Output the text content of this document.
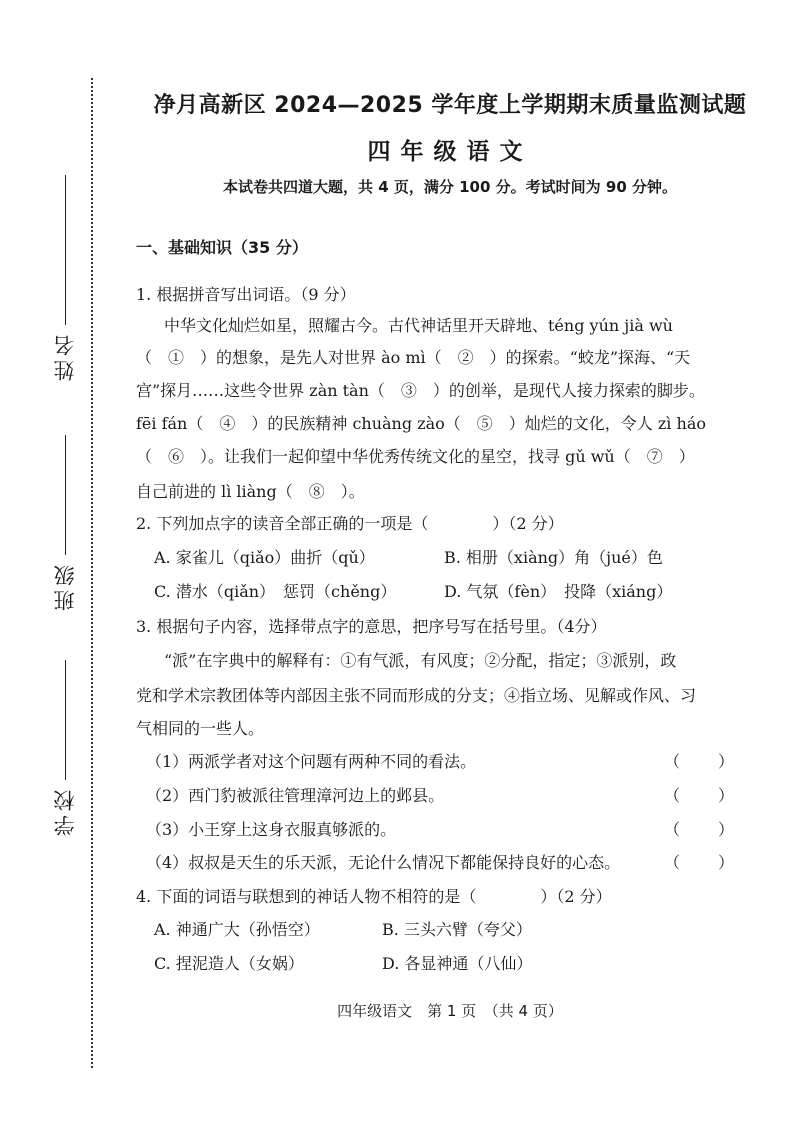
姓名
班级
学校
净月高新区 2024—2025 学年度上学期期末质量监测试题
四年级语文
本试卷共四道大题，共 4 页，满分 100 分。考试时间为 90 分钟。
一、基础知识（35 分）
1. 根据拼音写出词语。（9 分）
中华文化灿烂如星，照耀古今。古代神话里开天辟地、téng yún jià wù
（　①　）的想象，是先人对世界 ào mì（　②　）的探索。“蛟龙”探海、“天
宫”探月……这些令世界 zàn tàn（　③　）的创举，是现代人接力探索的脚步。
fēi fán（　④　）的民族精神 chuàng zào（　⑤　）灿烂的文化，令人 zì háo
（　⑥　）。让我们一起仰望中华优秀传统文化的星空，找寻 gǔ wǔ（　⑦　）
自己前进的 lì liàng（　⑧　）。
2. 下列加点字的读音全部正确的一项是（　　　　）（2 分）
A. 家雀儿（qiǎo）曲折（qǔ）	B. 相册（xiàng）角（jué）色
C. 潜水（qiǎn）　惩罚（chěng）	D. 气氛（fèn）　投降（xiáng）
3. 根据句子内容，选择带点字的意思，把序号写在括号里。（4分）
“派”在字典中的解释有：①有气派，有风度；②分配，指定；③派别，政
党和学术宗教团体等内部因主张不同而形成的分支；④指立场、见解或作风、习
气相同的一些人。
（1）两派学者对这个问题有两种不同的看法。	（　　）
（2）西门豹被派往管理漳河边上的邺县。	（　　）
（3）小王穿上这身衣服真够派的。	（　　）
（4）叔叔是天生的乐天派，无论什么情况下都能保持良好的心态。	（　　）
4. 下面的词语与联想到的神话人物不相符的是（　　　　）（2 分）
A. 神通广大（孙悟空）	B. 三头六臂（夸父）
C. 捏泥造人（女娲）	D. 各显神通（八仙）
四年级语文　第 1 页　（共 4 页）
